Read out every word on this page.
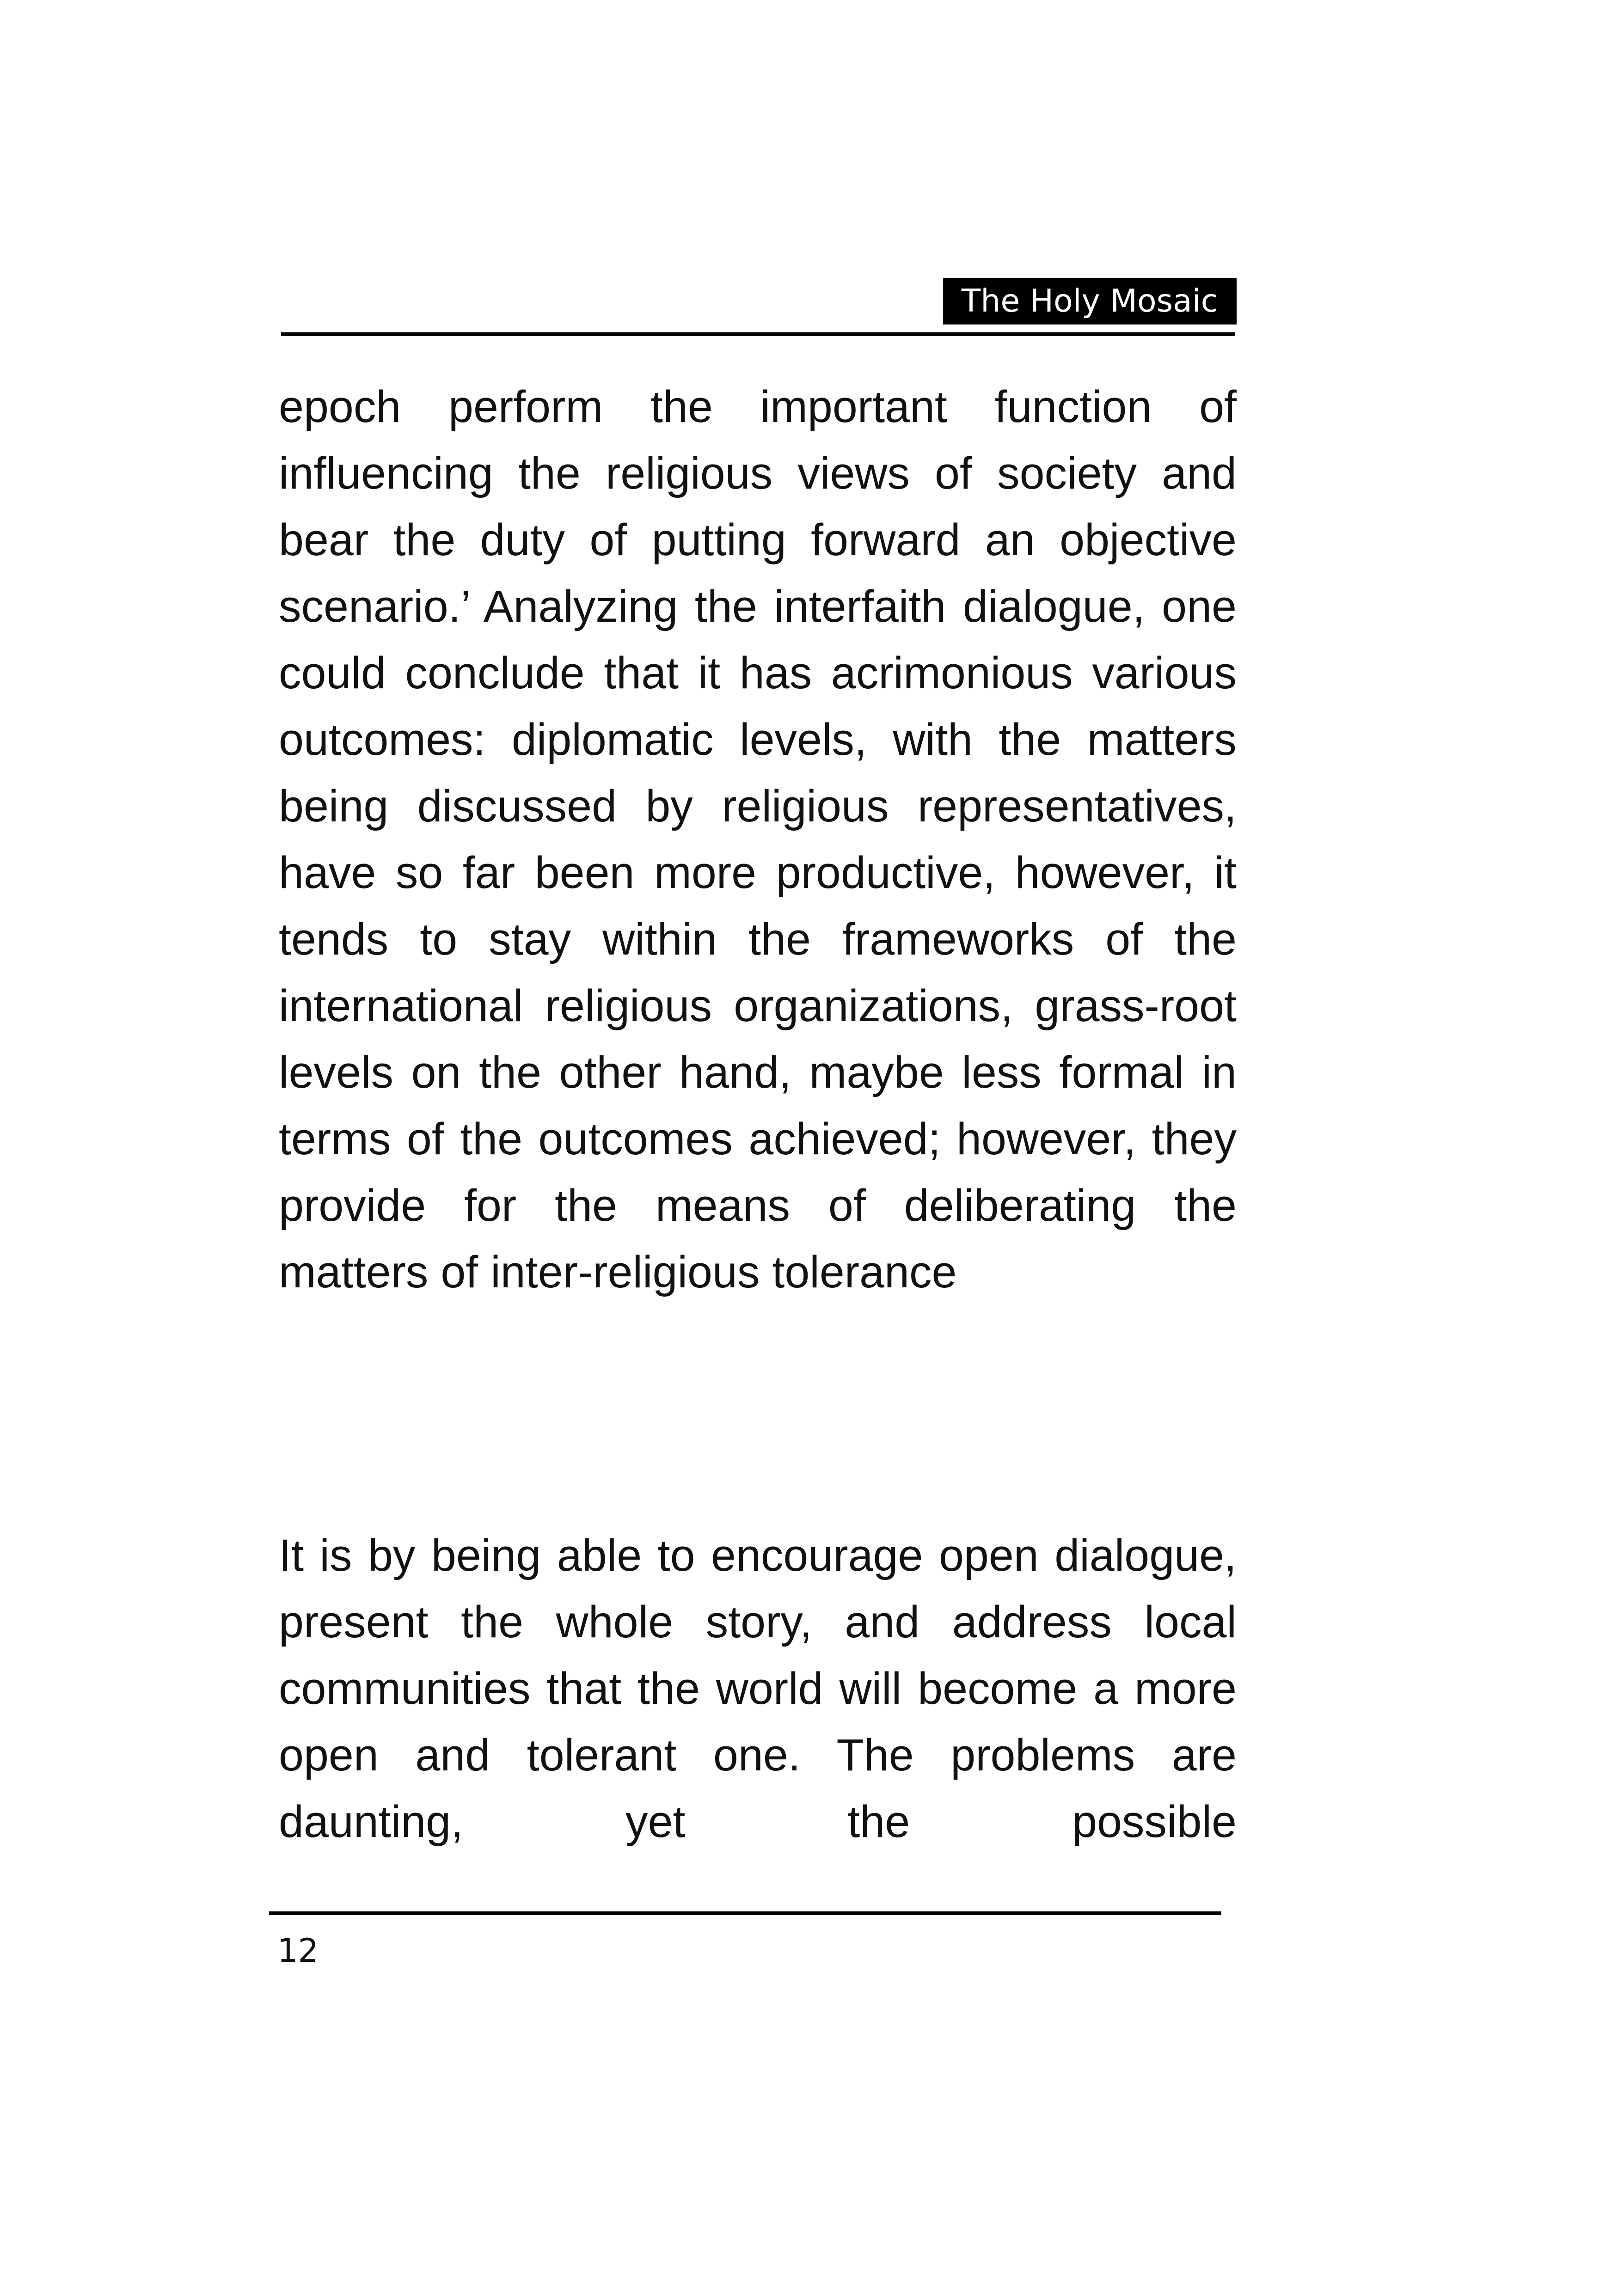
The Holy Mosaic

epoch perform the important function of influencing the religious views of society and bear the duty of putting forward an objective scenario.’ Analyzing the interfaith dialogue, one could conclude that it has acrimonious various outcomes: diplomatic levels, with the matters being discussed by religious representatives, have so far been more productive, however, it tends to stay within the frameworks of the international religious organizations, grass-root levels on the other hand, maybe less formal in terms of the outcomes achieved; however, they provide for the means of deliberating the matters of inter-religious tolerance

It is by being able to encourage open dialogue, present the whole story, and address local communities that the world will become a more open and tolerant one. The problems are daunting, yet the possible

12
